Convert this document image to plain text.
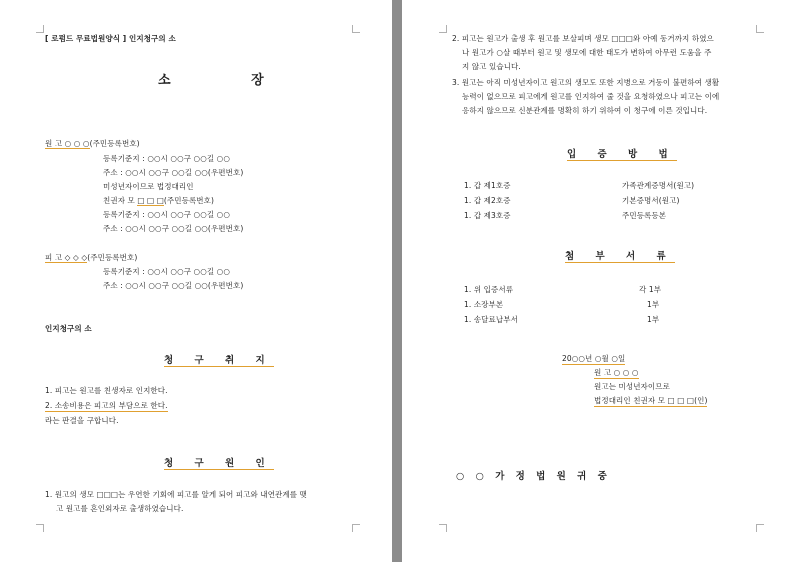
[ 로펌드 무료법원양식 ] 인지청구의 소
소 장
원 고 ○ ○ ○(주민등록번호)
등록기준지 : ○○시 ○○구 ○○길 ○○
주소 : ○○시 ○○구 ○○길 ○○(우편번호)
미성년자이므로 법정대리인
친권자 모 □ □ □(주민등록번호)
등록기준지 : ○○시 ○○구 ○○길 ○○
주소 : ○○시 ○○구 ○○길 ○○(우편번호)
피 고 ◇ ◇ ◇(주민등록번호)
등록기준지 : ○○시 ○○구 ○○길 ○○
주소 : ○○시 ○○구 ○○길 ○○(우편번호)
인지청구의 소
청 구 취 지
1. 피고는 원고를 친생자로 인지한다.
2. 소송비용은 피고의 부담으로 한다.
라는 판결을 구합니다.
청 구 원 인
1. 원고의 생모 □□□는 우연한 기회에 피고를 알게 되어 피고와 내연관계를 맺
고 원고를 혼인외자로 출생하였습니다.
2. 피고는 원고가 출생 후 원고를 보살피며 생모 □□□와 아예 동거까지 하였으
나 원고가 ○살 때부터 원고 및 생모에 대한 태도가 변하여 아무런 도움을 주
지 않고 있습니다.
3. 원고는 아직 미성년자이고 원고의 생모도 또한 지병으로 거동이 불편하여 생활
능력이 없으므로 피고에게 원고를 인지하여 줄 것을 요청하였으나 피고는 이에
응하지 않으므로 신분관계를 명확히 하기 위하여 이 청구에 이른 것입니다.
입 증 방 법
1. 갑 제1호증	가족관계증명서(원고)
1. 갑 제2호증	기본증명서(원고)
1. 갑 제3호증	주민등록등본
첨 부 서 류
1. 위 입증서류	각 1부
1. 소장부본	1부
1. 송달료납부서	1부
20○○년 ○월 ○일
원 고 ○ ○ ○
원고는 미성년자이므로
법정대리인 친권자 모 □ □ □(인)
○ ○ 가 정 법 원 귀 중
